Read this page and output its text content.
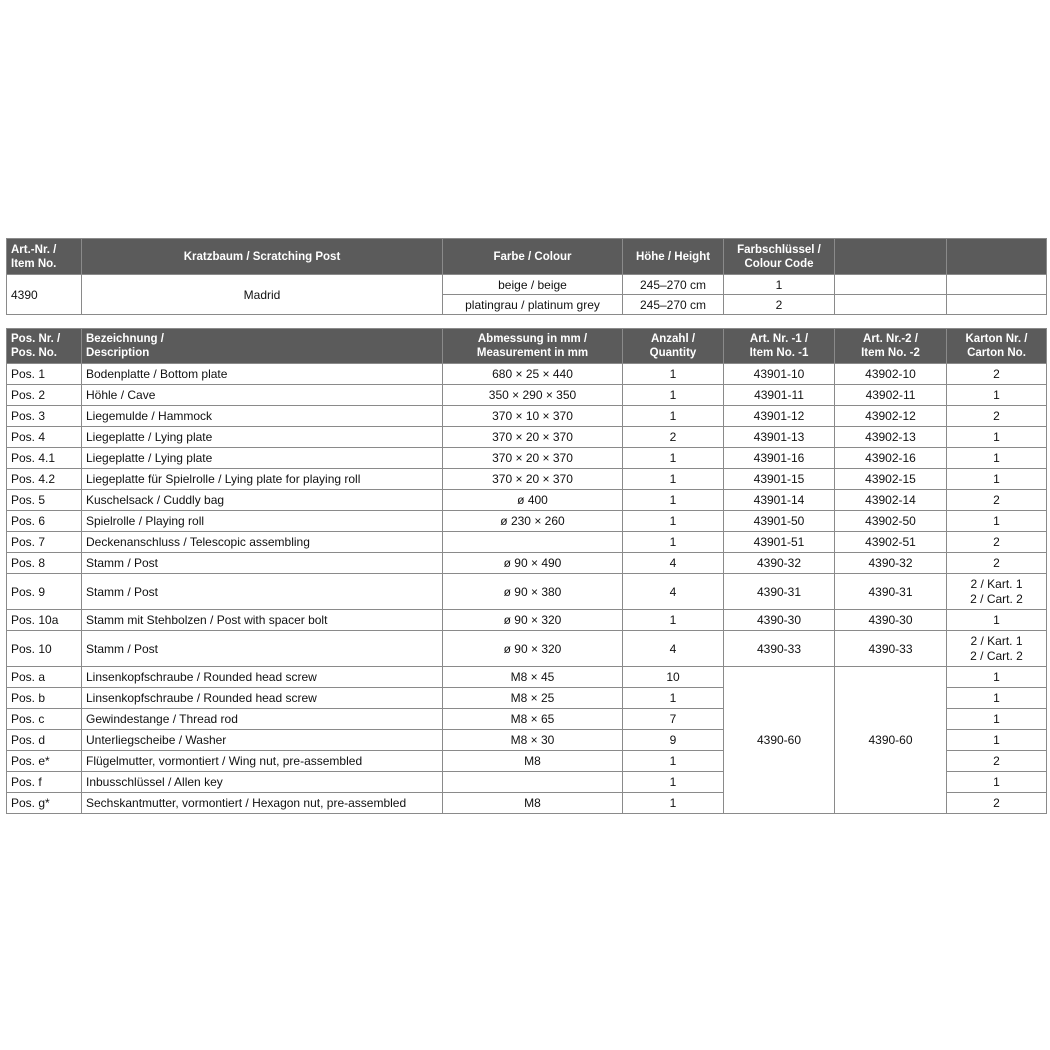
Art.-Nr. /
Item No.	Kratzbaum / Scratching Post	Farbe / Colour	Höhe / Height	Farbschlüssel /
Colour Code		

4390	Madrid	beige / beige	245–270 cm	1		
		platingrau / platinum grey	245–270 cm	2		
Pos. Nr. /
Pos. No.	Bezeichnung /
Description	Abmessung in mm /
Measurement in mm	Anzahl /
Quantity	Art. Nr. -1 /
Item No. -1	Art. Nr.-2 /
Item No. -2	Karton Nr. /
Carton No.

Pos. 1	Bodenplatte / Bottom plate	680 × 25 × 440	1	43901-10	43902-10	2
Pos. 2	Höhle / Cave	350 × 290 × 350	1	43901-11	43902-11	1
Pos. 3	Liegemulde / Hammock	370 × 10 × 370	1	43901-12	43902-12	2
Pos. 4	Liegeplatte / Lying plate	370 × 20 × 370	2	43901-13	43902-13	1
Pos. 4.1	Liegeplatte / Lying plate	370 × 20 × 370	1	43901-16	43902-16	1
Pos. 4.2	Liegeplatte für Spielrolle / Lying plate for playing roll	370 × 20 × 370	1	43901-15	43902-15	1
Pos. 5	Kuschelsack / Cuddly bag	ø 400	1	43901-14	43902-14	2
Pos. 6	Spielrolle / Playing roll	ø 230 × 260	1	43901-50	43902-50	1
Pos. 7	Deckenanschluss / Telescopic assembling		1	43901-51	43902-51	2
Pos. 8	Stamm / Post	ø 90 × 490	4	4390-32	4390-32	2
Pos. 9	Stamm / Post	ø 90 × 380	4	4390-31	4390-31	2 / Kart. 1
2 / Cart. 2

Pos. 10a	Stamm mit Stehbolzen / Post with spacer bolt	ø 90 × 320	1	4390-30	4390-30	1
Pos. 10	Stamm / Post	ø 90 × 320	4	4390-33	4390-33	2 / Kart. 1
2 / Cart. 2

Pos. a	Linsenkopfschraube / Rounded head screw	M8 × 45	10	4390-60	4390-60	1
Pos. b	Linsenkopfschraube / Rounded head screw	M8 × 25	1			1
Pos. c	Gewindestange / Thread rod	M8 × 65	7			1
Pos. d	Unterliegscheibe / Washer	M8 × 30	9			1
Pos. e*	Flügelmutter, vormontiert / Wing nut, pre-assembled	M8	1			2
Pos. f	Inbusschlüssel / Allen key		1			1
Pos. g*	Sechskantmutter, vormontiert / Hexagon nut, pre-assembled	M8	1			2
